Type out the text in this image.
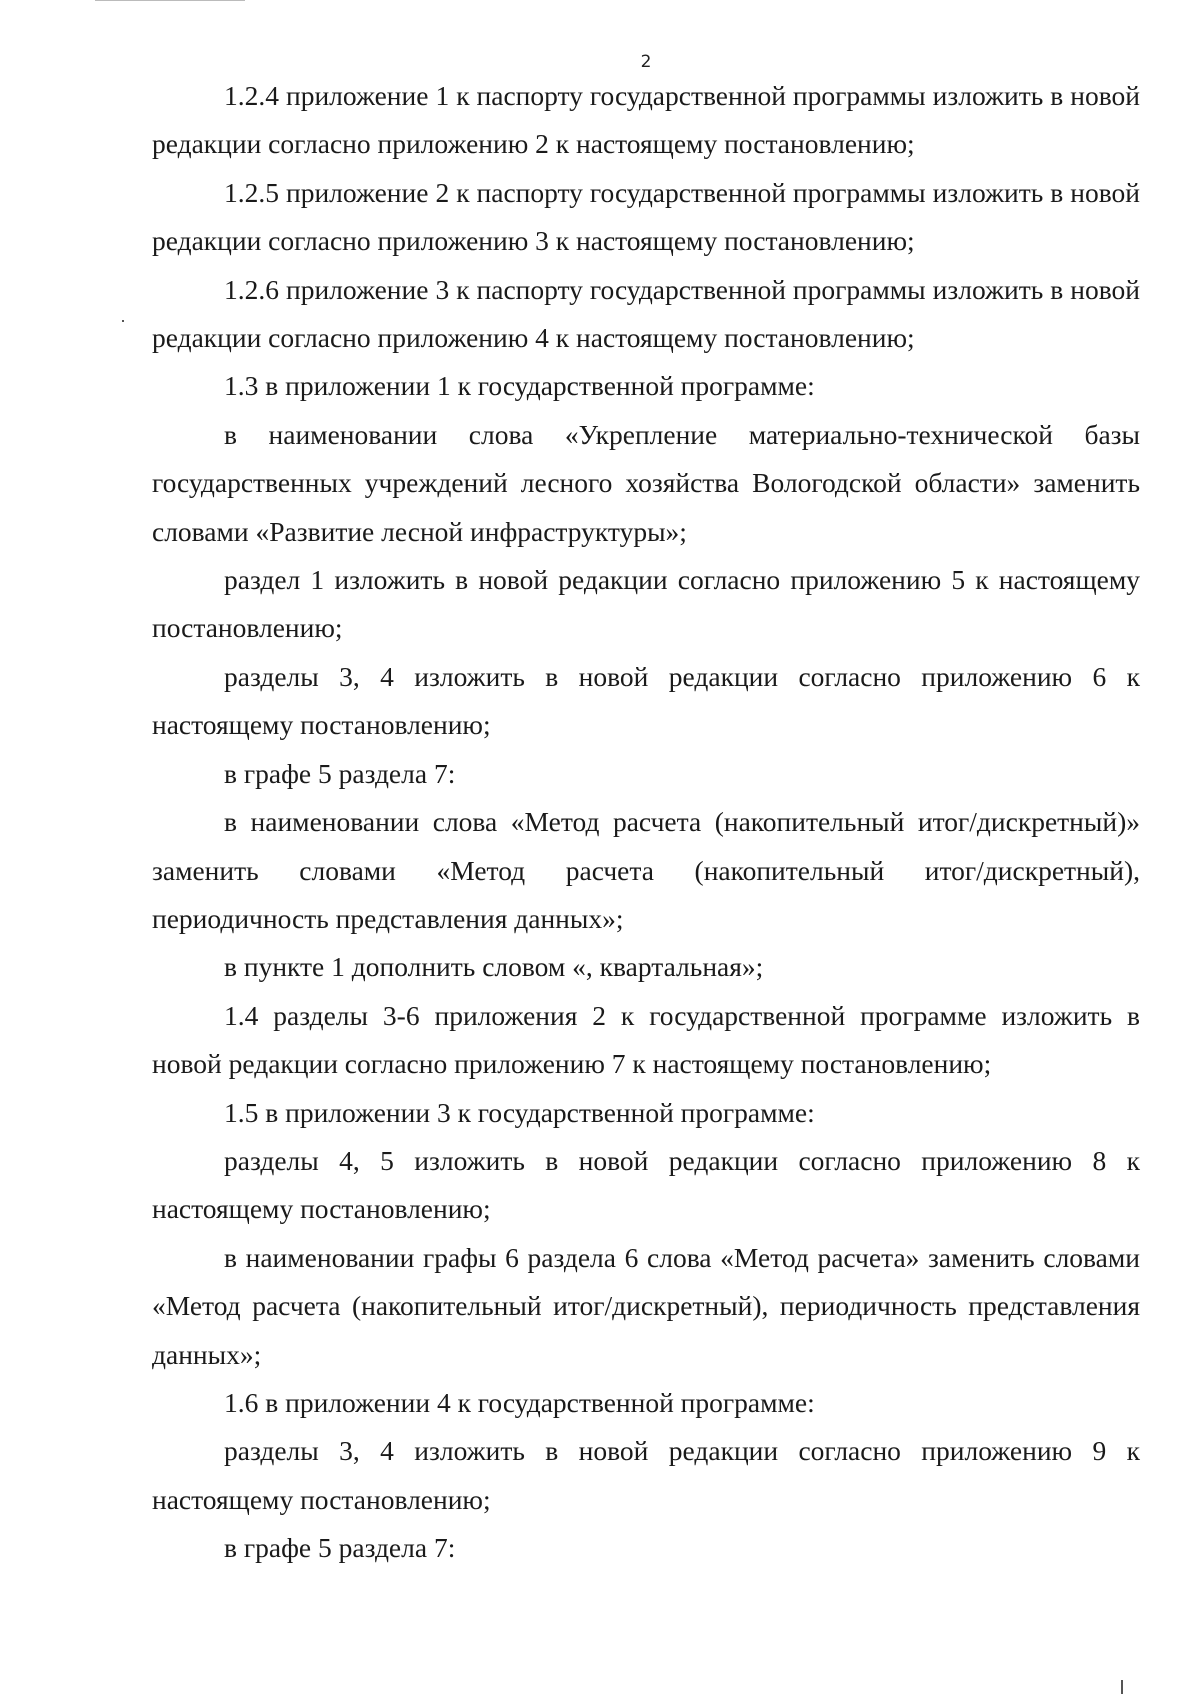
2

1.2.4 приложение 1 к паспорту государственной программы изложить в новой редакции согласно приложению 2 к настоящему постановлению;

1.2.5 приложение 2 к паспорту государственной программы изложить в новой редакции согласно приложению 3 к настоящему постановлению;

1.2.6 приложение 3 к паспорту государственной программы изложить в новой редакции согласно приложению 4 к настоящему постановлению;

1.3 в приложении 1 к государственной программе:

в наименовании слова «Укрепление материально-технической базы государственных учреждений лесного хозяйства Вологодской области» заменить словами «Развитие лесной инфраструктуры»;

раздел 1 изложить в новой редакции согласно приложению 5 к настоящему постановлению;

разделы 3, 4 изложить в новой редакции согласно приложению 6 к настоящему постановлению;

в графе 5 раздела 7:

в наименовании слова «Метод расчета (накопительный итог/дискретный)» заменить словами «Метод расчета (накопительный итог/дискретный), периодичность представления данных»;

в пункте 1 дополнить словом «, квартальная»;

1.4 разделы 3-6 приложения 2 к государственной программе изложить в новой редакции согласно приложению 7 к настоящему постановлению;

1.5 в приложении 3 к государственной программе:

разделы 4, 5 изложить в новой редакции согласно приложению 8 к настоящему постановлению;

в наименовании графы 6 раздела 6 слова «Метод расчета» заменить словами «Метод расчета (накопительный итог/дискретный), периодичность представления данных»;

1.6 в приложении 4 к государственной программе:

разделы 3, 4 изложить в новой редакции согласно приложению 9 к настоящему постановлению;

в графе 5 раздела 7:
